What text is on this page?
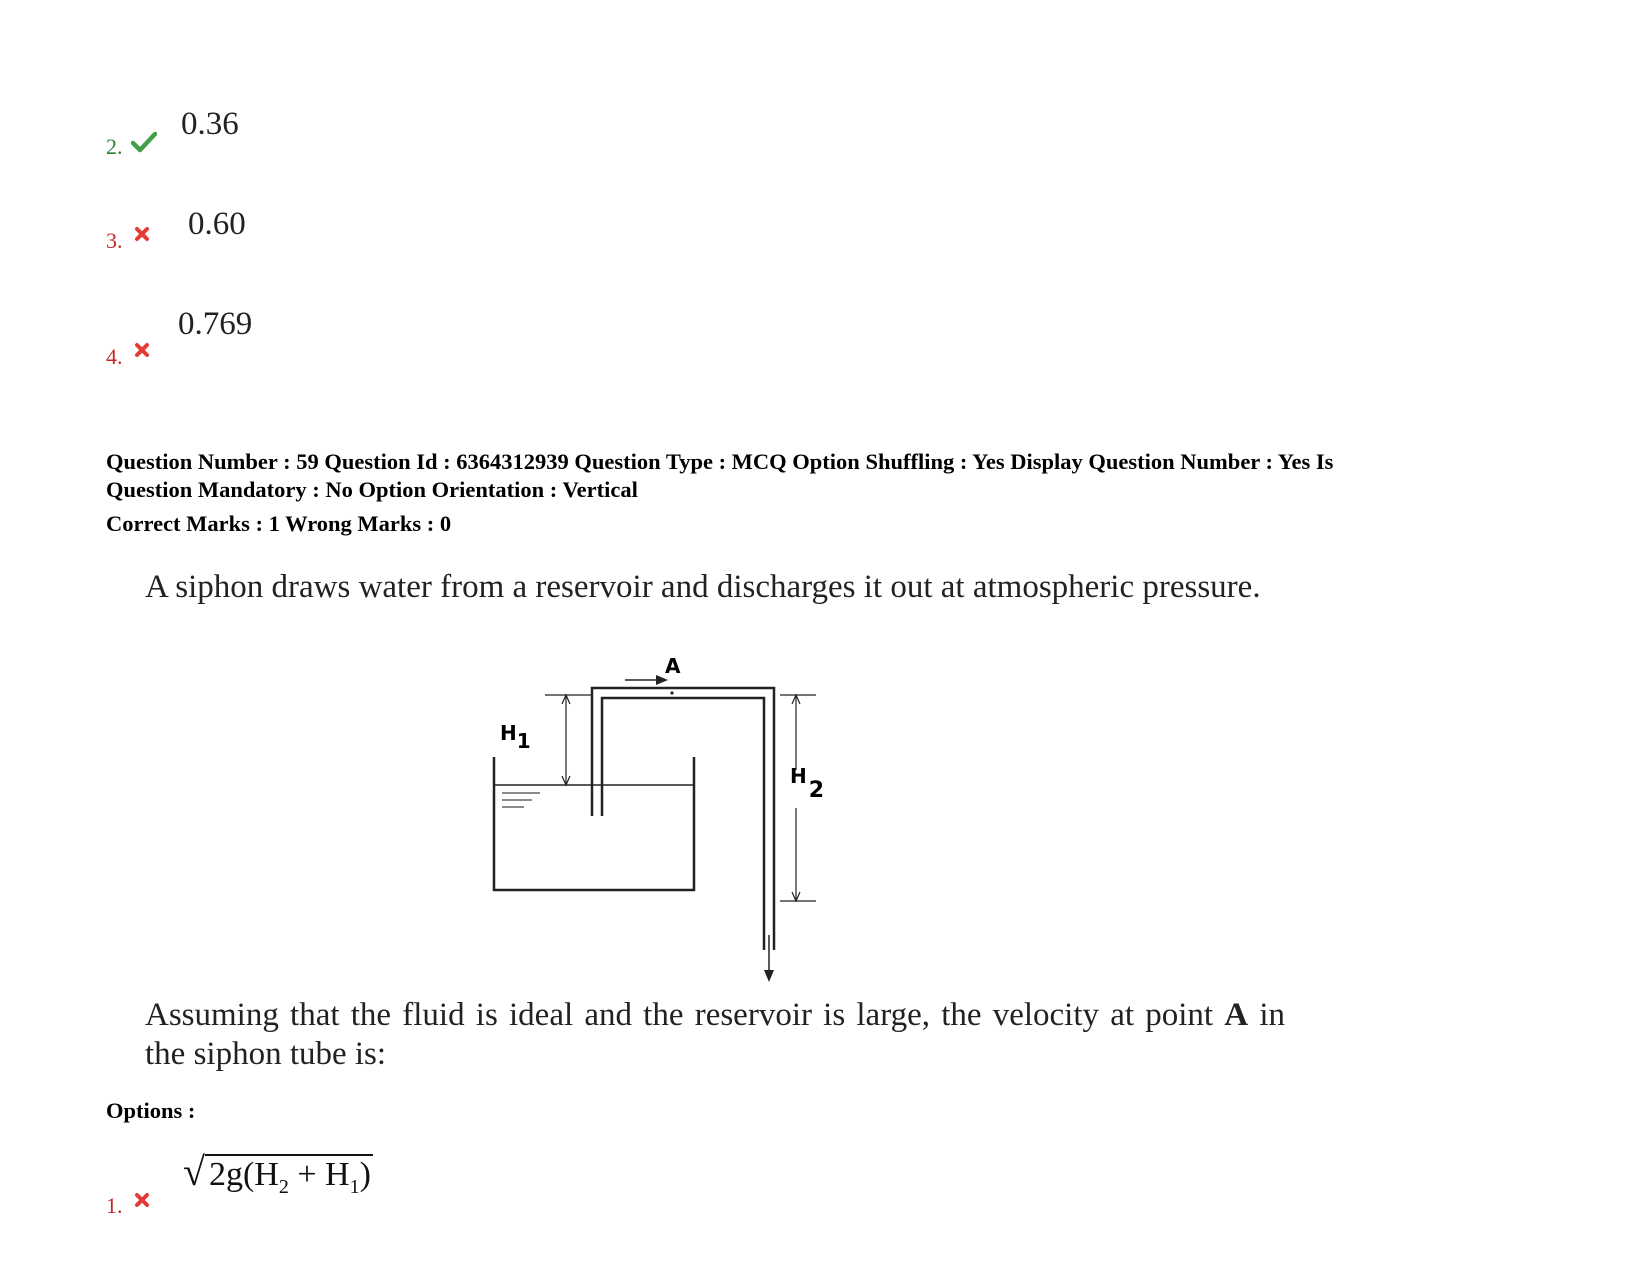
2.
0.36
3. 0.60
4.
0.769
Question Number : 59 Question Id : 6364312939 Question Type : MCQ Option Shuffling : Yes Display Question Number : Yes Is
Question Mandatory : No Option Orientation : Vertical
Correct Marks : 1 Wrong Marks : 0
A siphon draws water from a reservoir and discharges it out at atmospheric pressure.
A
H1
H2
Assuming that the fluid is ideal and the reservoir is large, the velocity at point A in the siphon tube is:
Options :
1.
√ $2g(H_2 + H_1)$
